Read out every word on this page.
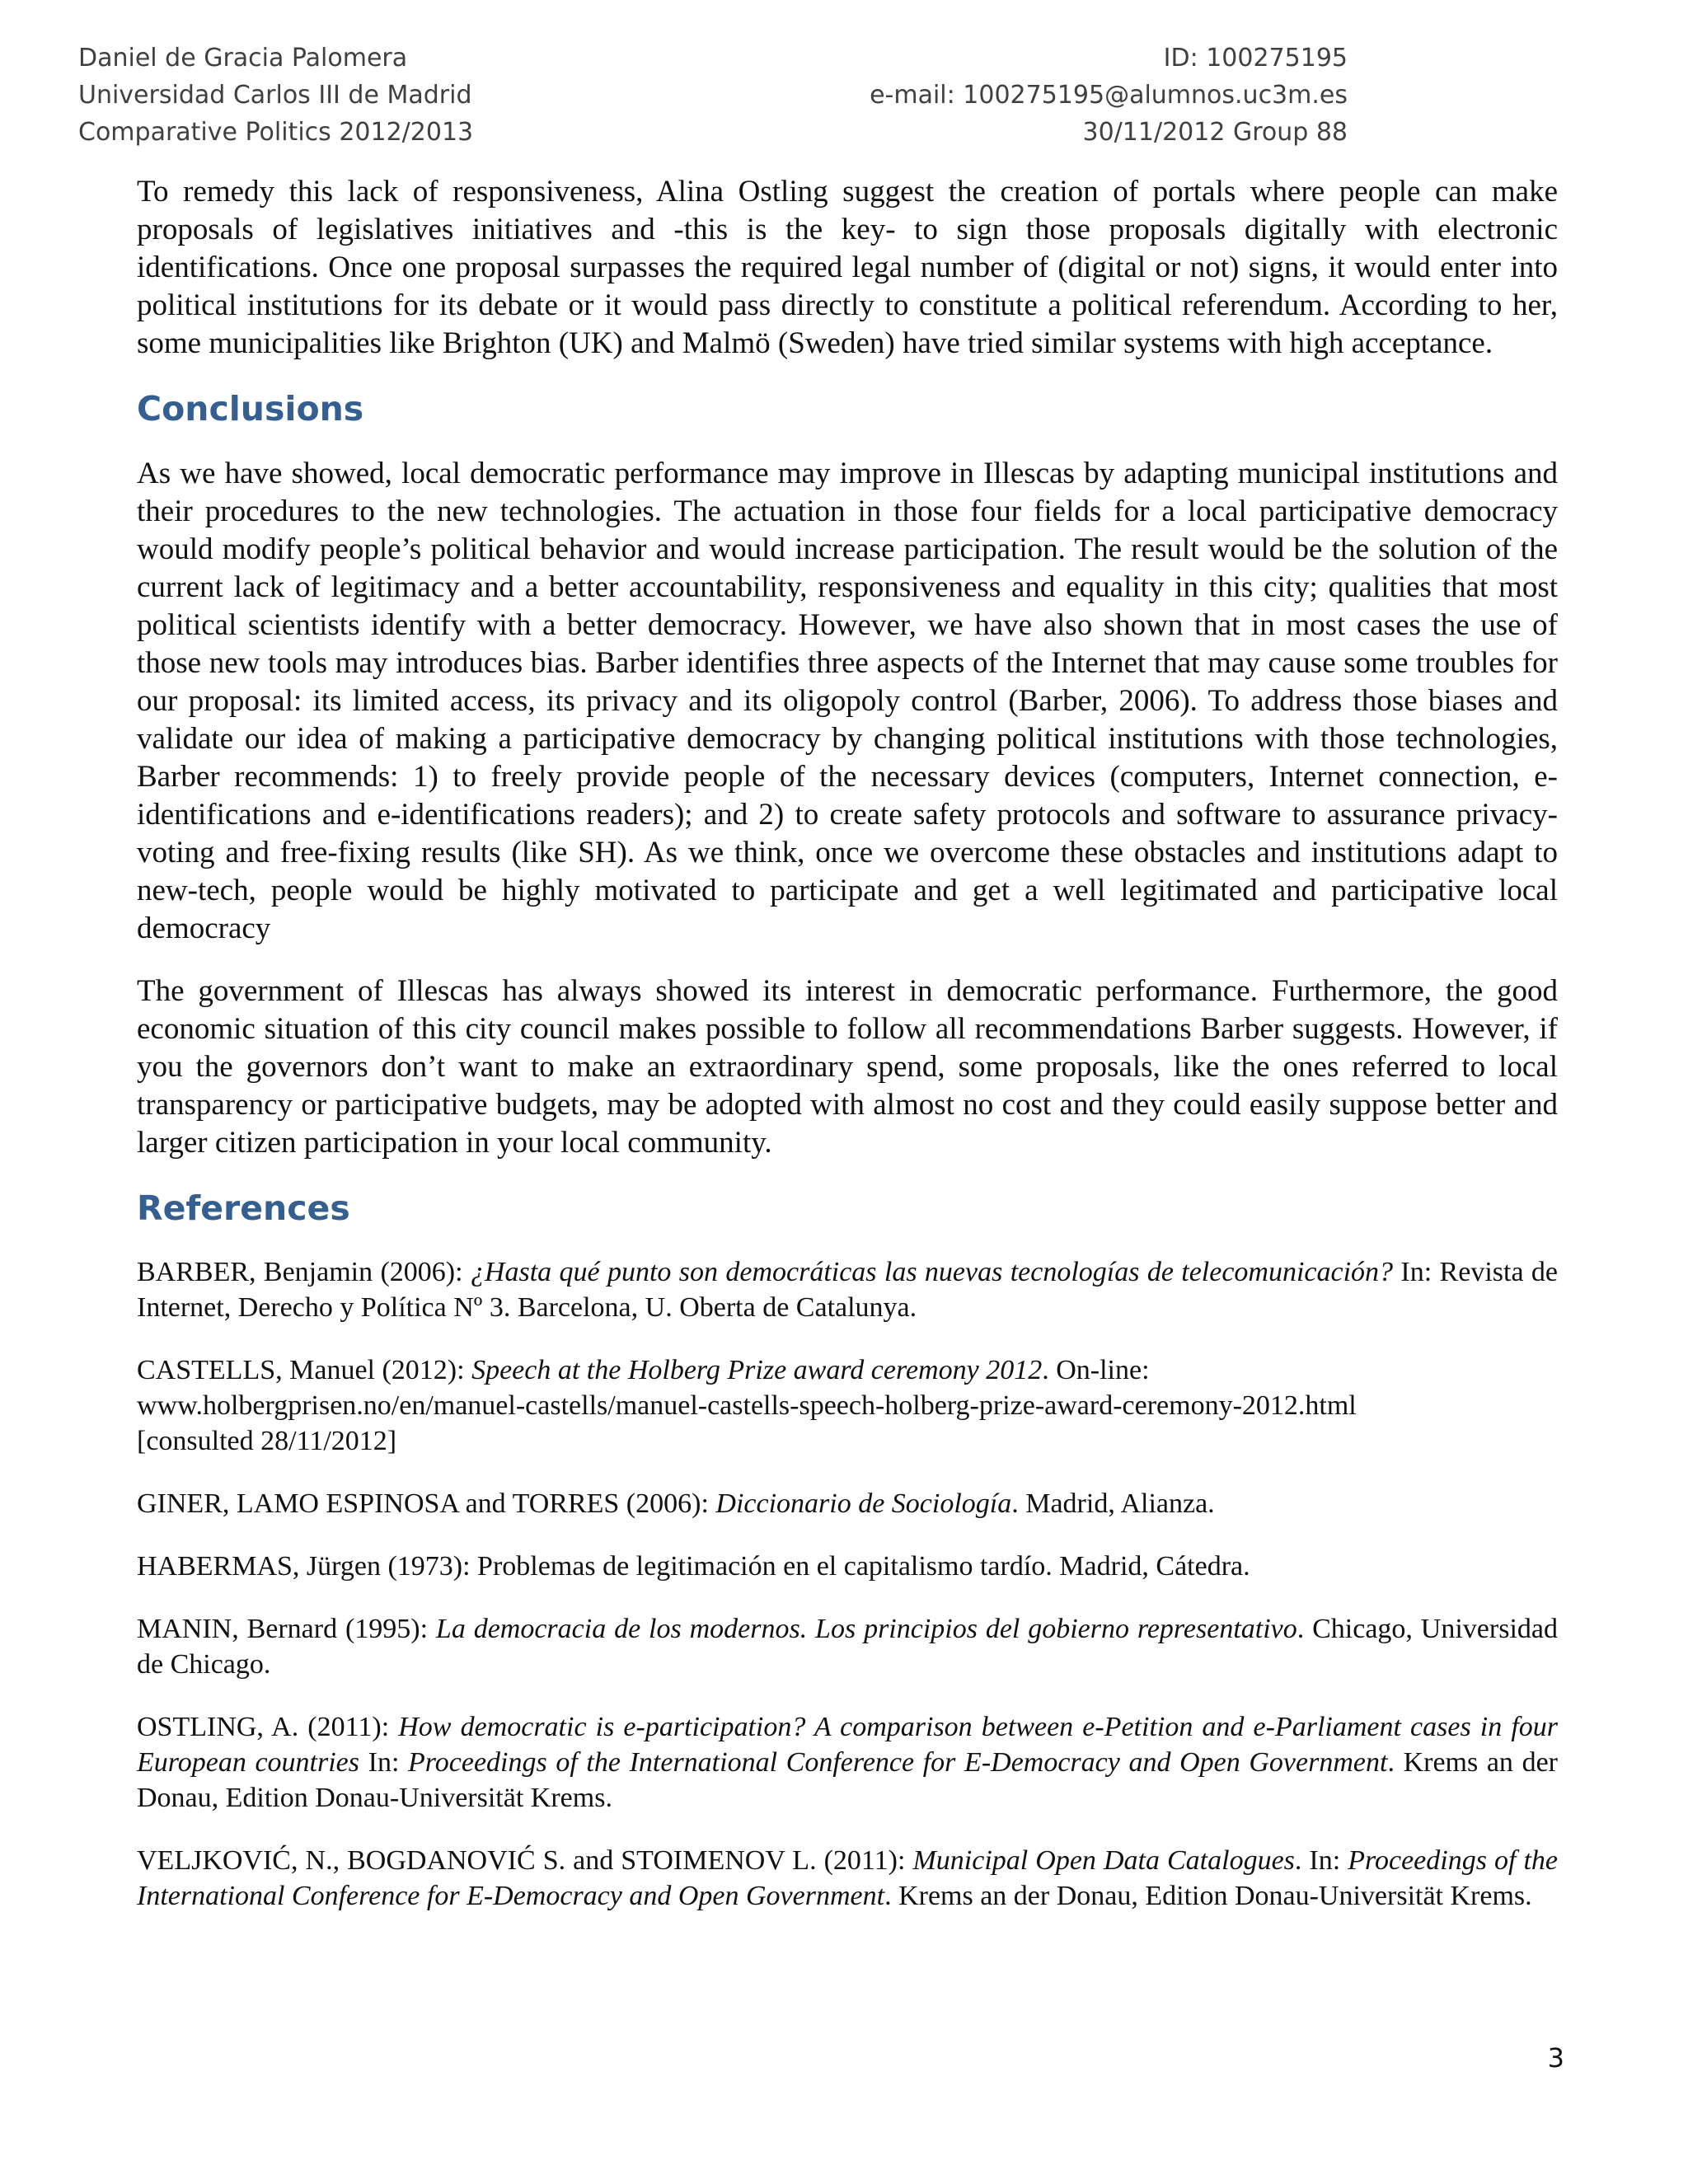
Daniel de Gracia Palomera
Universidad Carlos III de Madrid
Comparative Politics 2012/2013
ID: 100275195
e-mail: 100275195@alumnos.uc3m.es
30/11/2012 Group 88

To remedy this lack of responsiveness, Alina Ostling suggest the creation of portals where people can make proposals of legislatives initiatives and -this is the key- to sign those proposals digitally with electronic identifications. Once one proposal surpasses the required legal number of (digital or not) signs, it would enter into political institutions for its debate or it would pass directly to constitute a political referendum. According to her, some municipalities like Brighton (UK) and Malmö (Sweden) have tried similar systems with high acceptance.

Conclusions

As we have showed, local democratic performance may improve in Illescas by adapting municipal institutions and their procedures to the new technologies. The actuation in those four fields for a local participative democracy would modify people’s political behavior and would increase participation. The result would be the solution of the current lack of legitimacy and a better accountability, responsiveness and equality in this city; qualities that most political scientists identify with a better democracy. However, we have also shown that in most cases the use of those new tools may introduces bias. Barber identifies three aspects of the Internet that may cause some troubles for our proposal: its limited access, its privacy and its oligopoly control (Barber, 2006). To address those biases and validate our idea of making a participative democracy by changing political institutions with those technologies, Barber recommends: 1) to freely provide people of the necessary devices (computers, Internet connection, e-identifications and e-identifications readers); and 2) to create safety protocols and software to assurance privacy-voting and free-fixing results (like SH). As we think, once we overcome these obstacles and institutions adapt to new-tech, people would be highly motivated to participate and get a well legitimated and participative local democracy

The government of Illescas has always showed its interest in democratic performance. Furthermore, the good economic situation of this city council makes possible to follow all recommendations Barber suggests. However, if you the governors don’t want to make an extraordinary spend, some proposals, like the ones referred to local transparency or participative budgets, may be adopted with almost no cost and they could easily suppose better and larger citizen participation in your local community.

References

BARBER, Benjamin (2006): ¿Hasta qué punto son democráticas las nuevas tecnologías de telecomunicación? In: Revista de Internet, Derecho y Política Nº 3. Barcelona, U. Oberta de Catalunya.

CASTELLS, Manuel (2012): Speech at the Holberg Prize award ceremony 2012. On-line:
www.holbergprisen.no/en/manuel-castells/manuel-castells-speech-holberg-prize-award-ceremony-2012.html
[consulted 28/11/2012]

GINER, LAMO ESPINOSA and TORRES (2006): Diccionario de Sociología. Madrid, Alianza.

HABERMAS, Jürgen (1973): Problemas de legitimación en el capitalismo tardío. Madrid, Cátedra.

MANIN, Bernard (1995): La democracia de los modernos. Los principios del gobierno representativo. Chicago, Universidad de Chicago.

OSTLING, A. (2011): How democratic is e-participation? A comparison between e-Petition and e-Parliament cases in four European countries In: Proceedings of the International Conference for E-Democracy and Open Government. Krems an der Donau, Edition Donau-Universität Krems.

VELJKOVIĆ, N., BOGDANOVIĆ S. and STOIMENOV L. (2011): Municipal Open Data Catalogues. In: Proceedings of the International Conference for E-Democracy and Open Government. Krems an der Donau, Edition Donau-Universität Krems.

3
